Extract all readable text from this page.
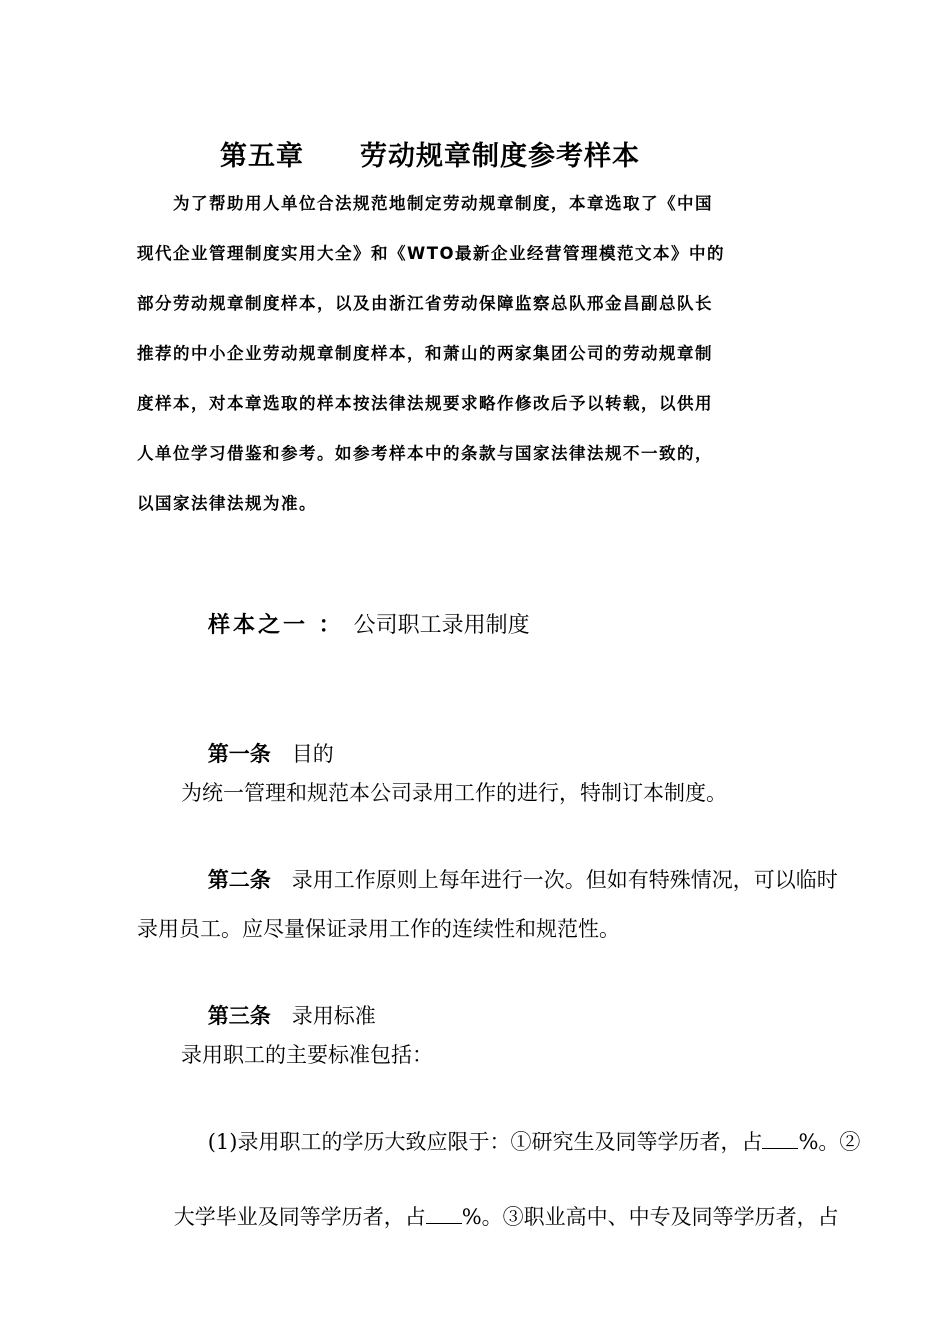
第五章　　劳动规章制度参考样本
　　为了帮助用人单位合法规范地制定劳动规章制度，本章选取了《中国
现代企业管理制度实用大全》和《WTO最新企业经营管理模范文本》中的
部分劳动规章制度样本，以及由浙江省劳动保障监察总队邢金昌副总队长
推荐的中小企业劳动规章制度样本，和萧山的两家集团公司的劳动规章制
度样本，对本章选取的样本按法律法规要求略作修改后予以转载，以供用
人单位学习借鉴和参考。如参考样本中的条款与国家法律法规不一致的，
以国家法律法规为准。

样本之一 ： 公司职工录用制度

第一条　 目的

为统一管理和规范本公司录用工作的进行，特制订本制度。

第二条　 录用工作原则上每年进行一次。但如有特殊情况，可以临时

录用员工。应尽量保证录用工作的连续性和规范性。

第三条　 录用标准

录用职工的主要标准包括：

(1)录用职工的学历大致应限于：①研究生及同等学历者，占 %。②

大学毕业及同等学历者，占 %。③职业高中、中专及同等学历者，占
